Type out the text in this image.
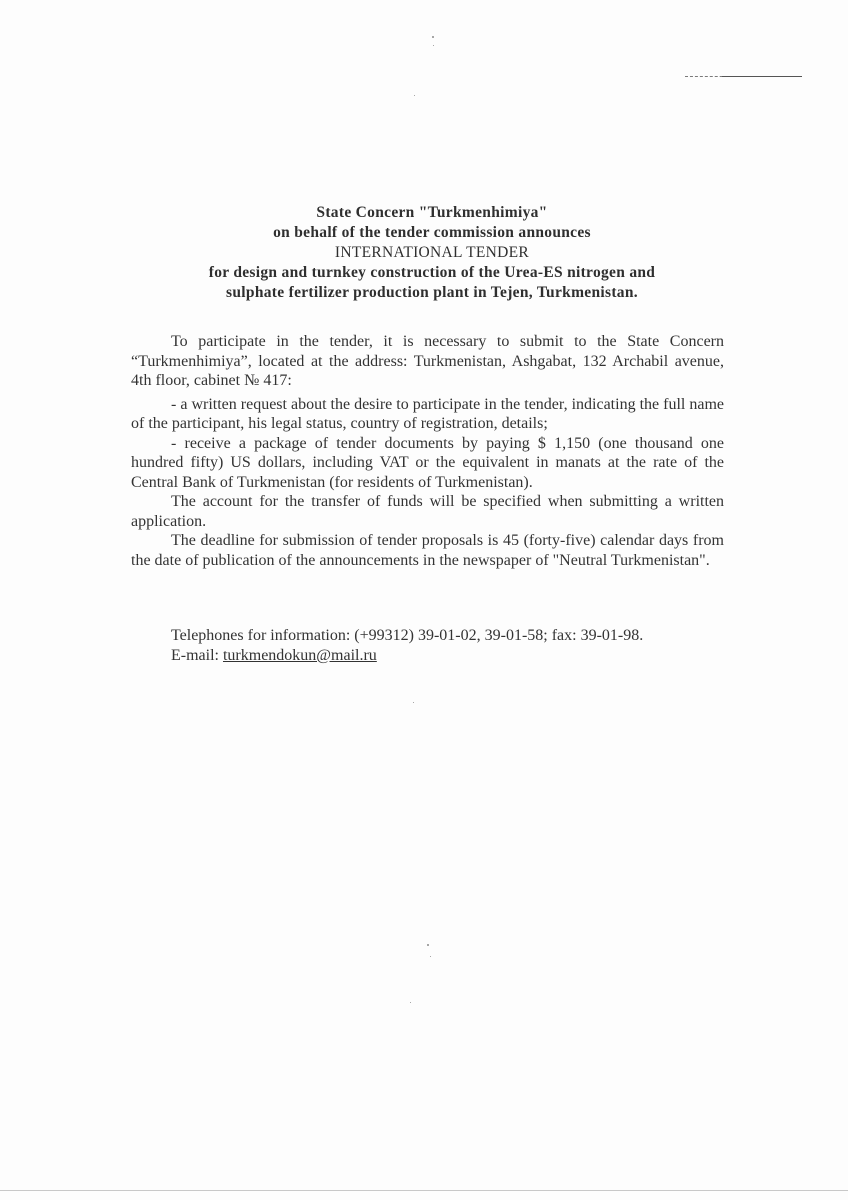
State Concern "Turkmenhimiya"
on behalf of the tender commission announces
INTERNATIONAL TENDER
for design and turnkey construction of the Urea-ES nitrogen and
sulphate fertilizer production plant in Tejen, Turkmenistan.

To participate in the tender, it is necessary to submit to the State Concern “Turkmenhimiya”, located at the address: Turkmenistan, Ashgabat, 132 Archabil avenue, 4th floor, cabinet № 417:

- a written request about the desire to participate in the tender, indicating the full name of the participant, his legal status, country of registration, details;

- receive a package of tender documents by paying $ 1,150 (one thousand one hundred fifty) US dollars, including VAT or the equivalent in manats at the rate of the Central Bank of Turkmenistan (for residents of Turkmenistan).

The account for the transfer of funds will be specified when submitting a written application.

The deadline for submission of tender proposals is 45 (forty-five) calendar days from the date of publication of the announcements in the newspaper of "Neutral Turkmenistan".

Telephones for information: (+99312) 39-01-02, 39-01-58; fax: 39-01-98.
E-mail: turkmendokun@mail.ru
